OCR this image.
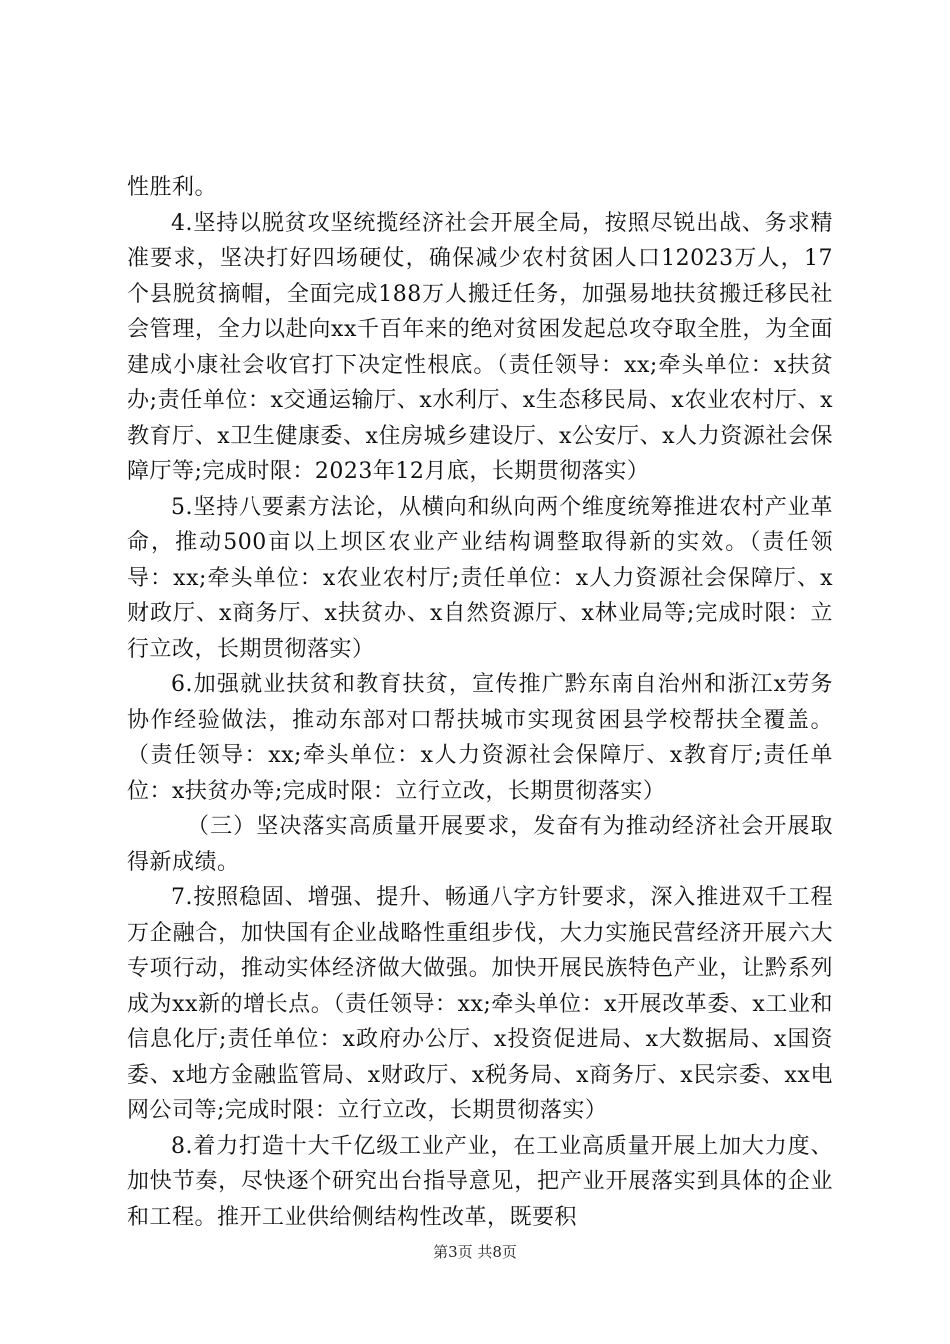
性胜利。

4.坚持以脱贫攻坚统揽经济社会开展全局，按照尽锐出战、务求精准要求，坚决打好四场硬仗，确保减少农村贫困人口12023万人，17个县脱贫摘帽，全面完成188万人搬迁任务，加强易地扶贫搬迁移民社会管理，全力以赴向xx千百年来的绝对贫困发起总攻夺取全胜，为全面建成小康社会收官打下决定性根底。（责任领导：xx;牵头单位：x扶贫办;责任单位：x交通运输厅、x水利厅、x生态移民局、x农业农村厅、x教育厅、x卫生健康委、x住房城乡建设厅、x公安厅、x人力资源社会保障厅等;完成时限：2023年12月底，长期贯彻落实）

5.坚持八要素方法论，从横向和纵向两个维度统筹推进农村产业革命，推动500亩以上坝区农业产业结构调整取得新的实效。（责任领导：xx;牵头单位：x农业农村厅;责任单位：x人力资源社会保障厅、x财政厅、x商务厅、x扶贫办、x自然资源厅、x林业局等;完成时限：立行立改，长期贯彻落实）

6.加强就业扶贫和教育扶贫，宣传推广黔东南自治州和浙江x劳务协作经验做法，推动东部对口帮扶城市实现贫困县学校帮扶全覆盖。（责任领导：xx;牵头单位：x人力资源社会保障厅、x教育厅;责任单位：x扶贫办等;完成时限：立行立改，长期贯彻落实）

（三）坚决落实高质量开展要求，发奋有为推动经济社会开展取得新成绩。

7.按照稳固、增强、提升、畅通八字方针要求，深入推进双千工程万企融合，加快国有企业战略性重组步伐，大力实施民营经济开展六大专项行动，推动实体经济做大做强。加快开展民族特色产业，让黔系列成为xx新的增长点。（责任领导：xx;牵头单位：x开展改革委、x工业和信息化厅;责任单位：x政府办公厅、x投资促进局、x大数据局、x国资委、x地方金融监管局、x财政厅、x税务局、x商务厅、x民宗委、xx电网公司等;完成时限：立行立改，长期贯彻落实）

8.着力打造十大千亿级工业产业，在工业高质量开展上加大力度、加快节奏，尽快逐个研究出台指导意见，把产业开展落实到具体的企业和工程。推开工业供给侧结构性改革，既要积

第3页 共8页
